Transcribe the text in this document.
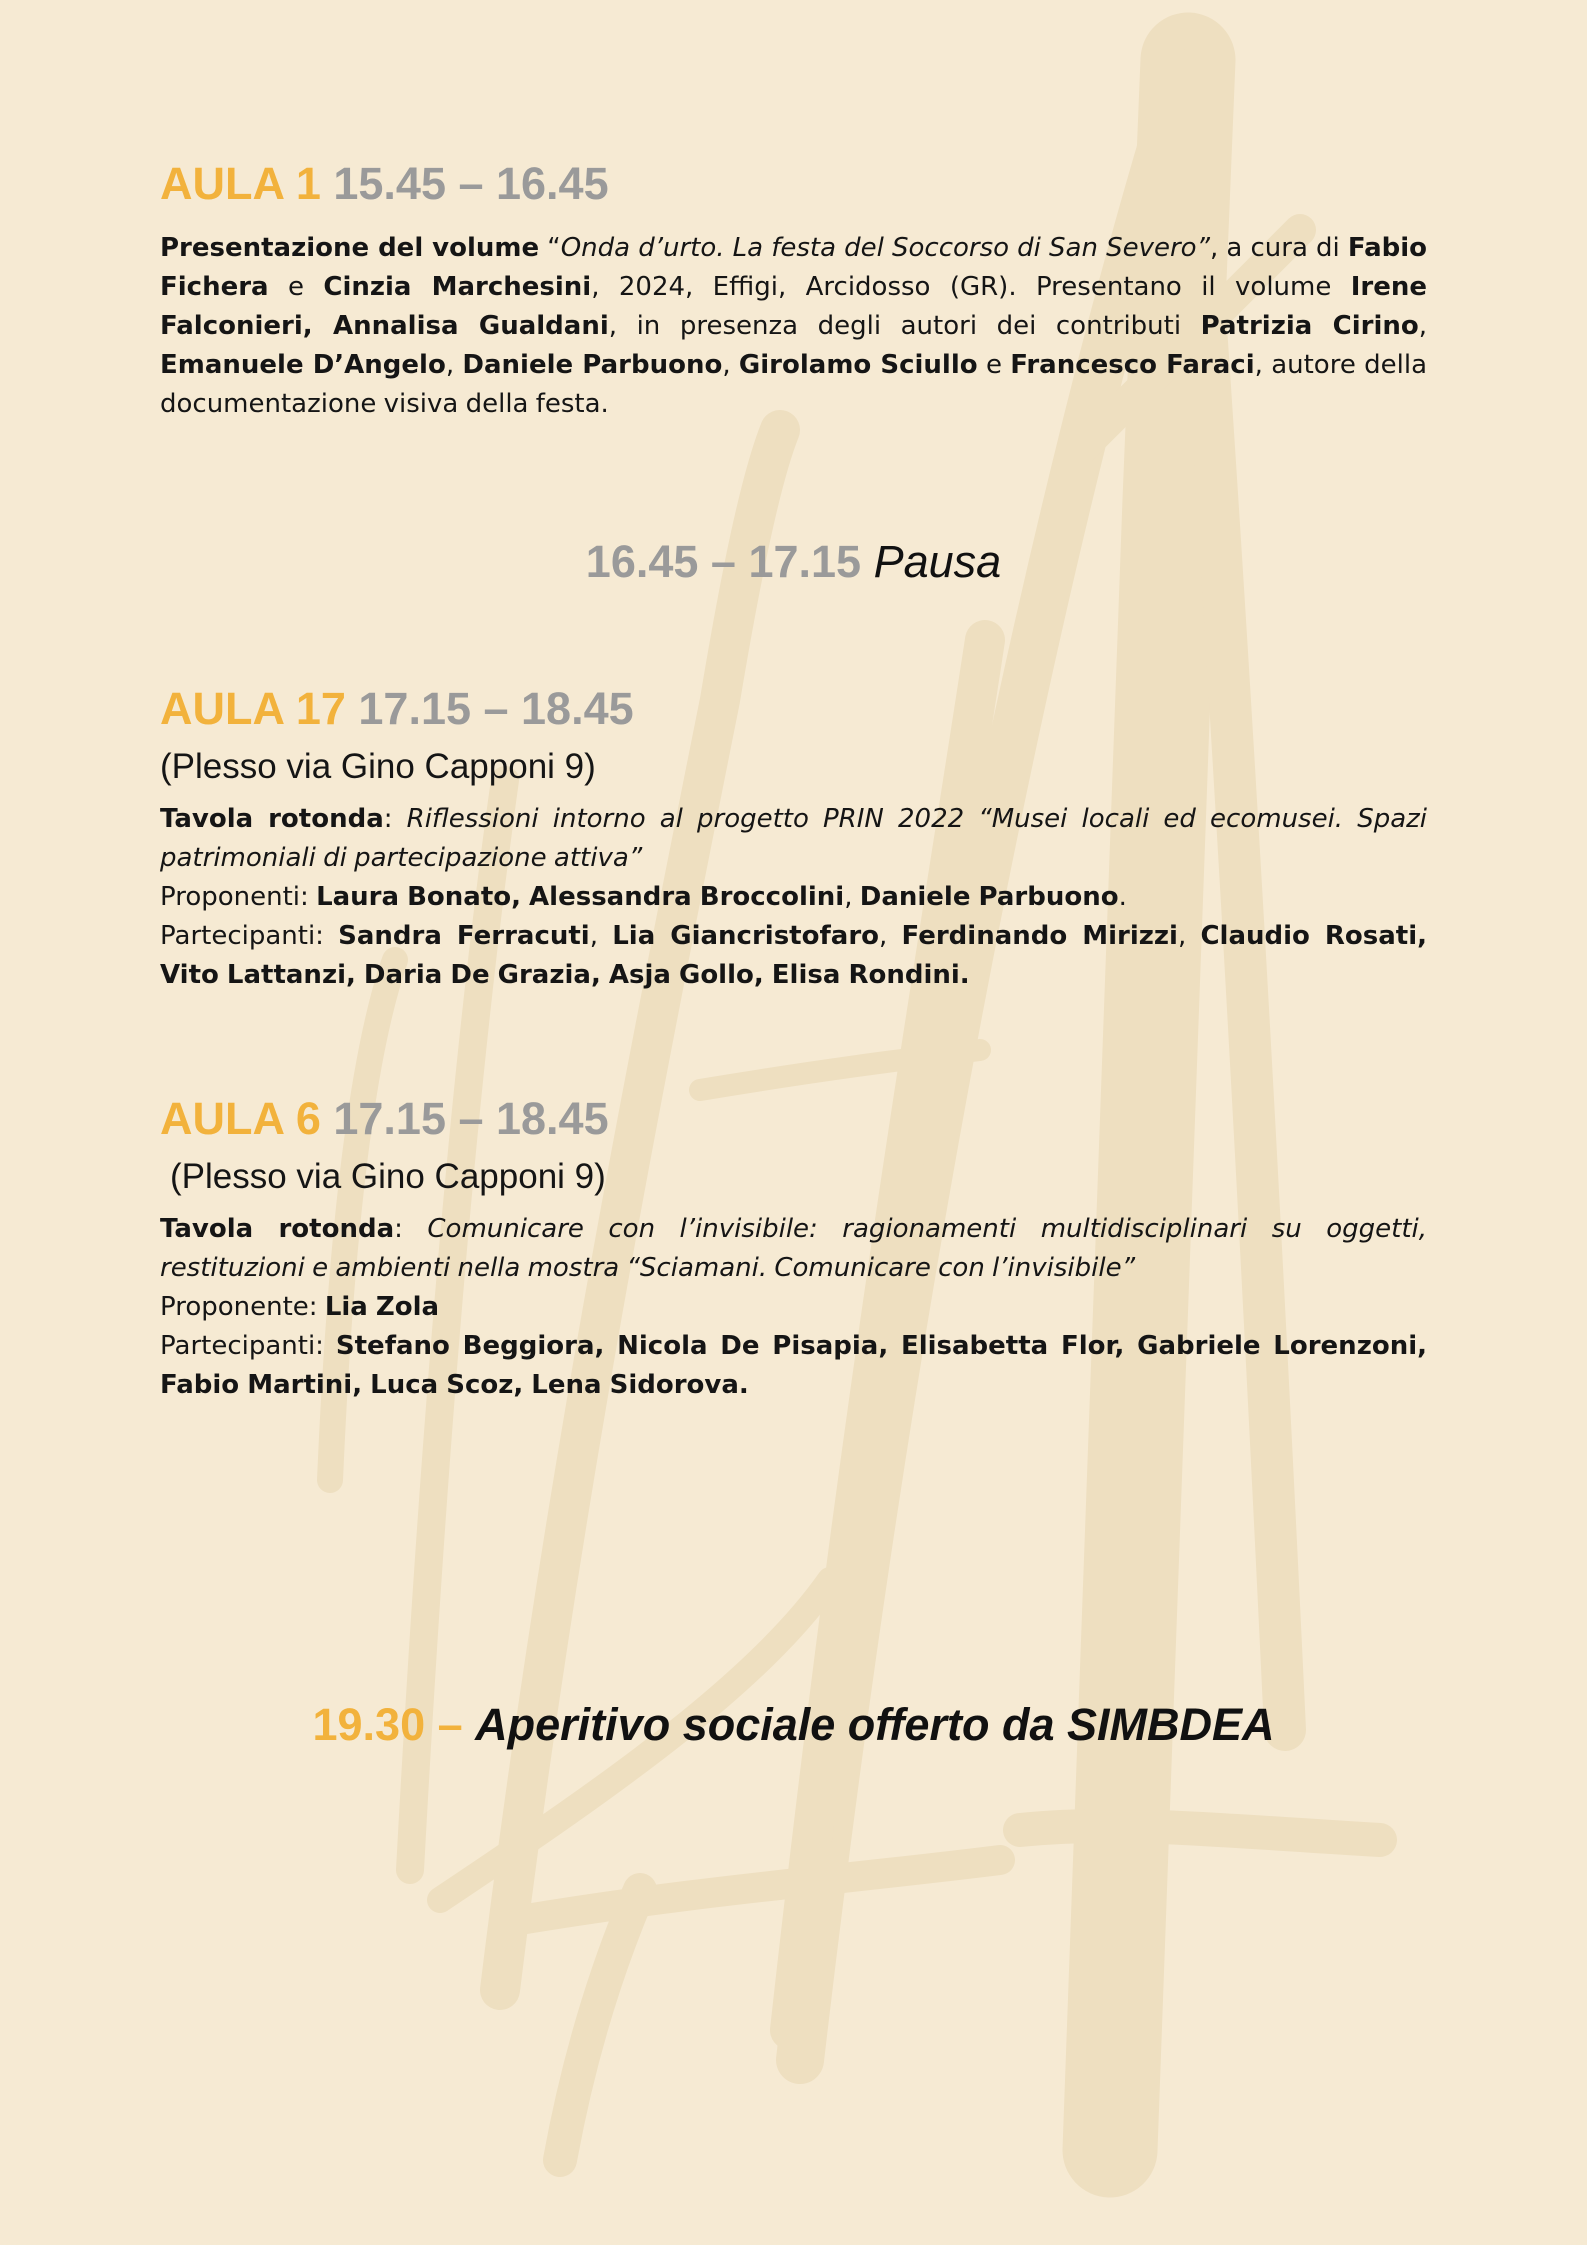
AULA 1 15.45 – 16.45

Presentazione del volume “Onda d’urto. La festa del Soccorso di San Severo”, a cura di Fabio Fichera e Cinzia Marchesini, 2024, Effigi, Arcidosso (GR). Presentano il volume Irene Falconieri, Annalisa Gualdani, in presenza degli autori dei contributi Patrizia Cirino, Emanuele D’Angelo, Daniele Parbuono, Girolamo Sciullo e Francesco Faraci, autore della documentazione visiva della festa.

16.45 – 17.15 Pausa
AULA 17 17.15 – 18.45
(Plesso via Gino Capponi 9)

Tavola rotonda: Riflessioni intorno al progetto PRIN 2022 “Musei locali ed ecomusei. Spazi patrimoniali di partecipazione attiva”

Proponenti: Laura Bonato, Alessandra Broccolini, Daniele Parbuono.

Partecipanti: Sandra Ferracuti, Lia Giancristofaro, Ferdinando Mirizzi, Claudio Rosati, Vito Lattanzi, Daria De Grazia, Asja Gollo, Elisa Rondini.

AULA 6 17.15 – 18.45
(Plesso via Gino Capponi 9)

Tavola rotonda: Comunicare con l’invisibile: ragionamenti multidisciplinari su oggetti, restituzioni e ambienti nella mostra “Sciamani. Comunicare con l’invisibile”

Proponente: Lia Zola

Partecipanti: Stefano Beggiora, Nicola De Pisapia, Elisabetta Flor, Gabriele Lorenzoni, Fabio Martini, Luca Scoz, Lena Sidorova.

19.30 – Aperitivo sociale offerto da SIMBDEA
